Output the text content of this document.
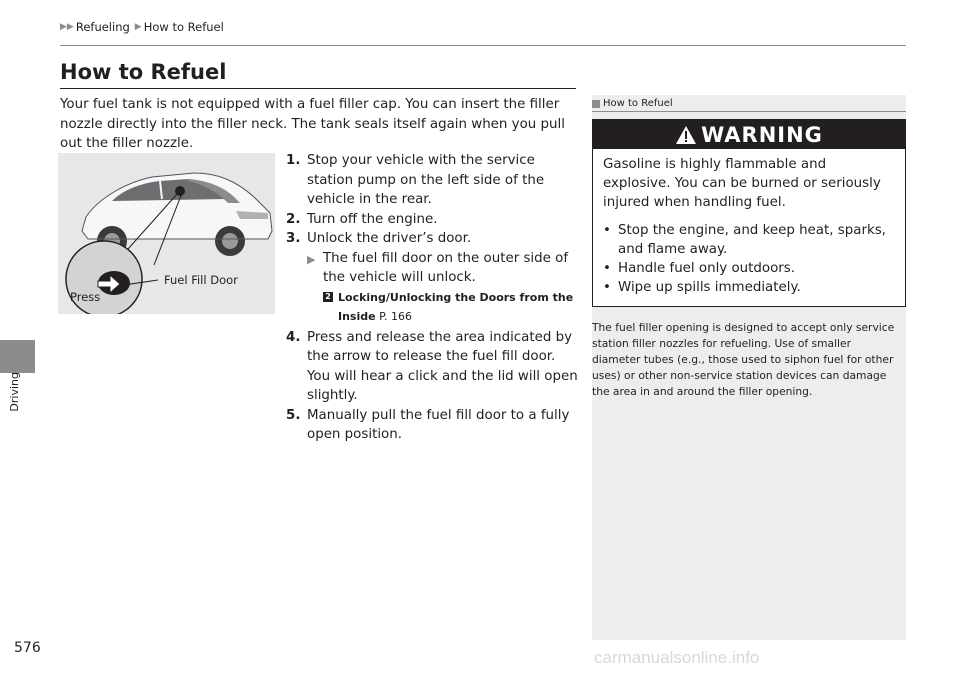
▶▶ Refueling ▶ How to Refuel
Driving
How to Refuel
Your fuel tank is not equipped with a fuel filler cap. You can insert the filler nozzle directly into the filler neck. The tank seals itself again when you pull out the filler nozzle.
Fuel Fill Door
Press
1. Stop your vehicle with the service station pump on the left side of the vehicle in the rear.
2. Turn off the engine.
3. Unlock the driver’s door.
▶ The fuel fill door on the outer side of the vehicle will unlock.
2 Locking/Unlocking the Doors from the Inside P. 166
4. Press and release the area indicated by the arrow to release the fuel fill door. You will hear a click and the lid will open slightly.
5. Manually pull the fuel fill door to a fully open position.
How to Refuel
WARNING
Gasoline is highly flammable and explosive. You can be burned or seriously injured when handling fuel.
• Stop the engine, and keep heat, sparks, and flame away.
• Handle fuel only outdoors.
• Wipe up spills immediately.
The fuel filler opening is designed to accept only service station filler nozzles for refueling. Use of smaller diameter tubes (e.g., those used to siphon fuel for other uses) or other non-service station devices can damage the area in and around the filler opening.
576	carmanualsonline.info
